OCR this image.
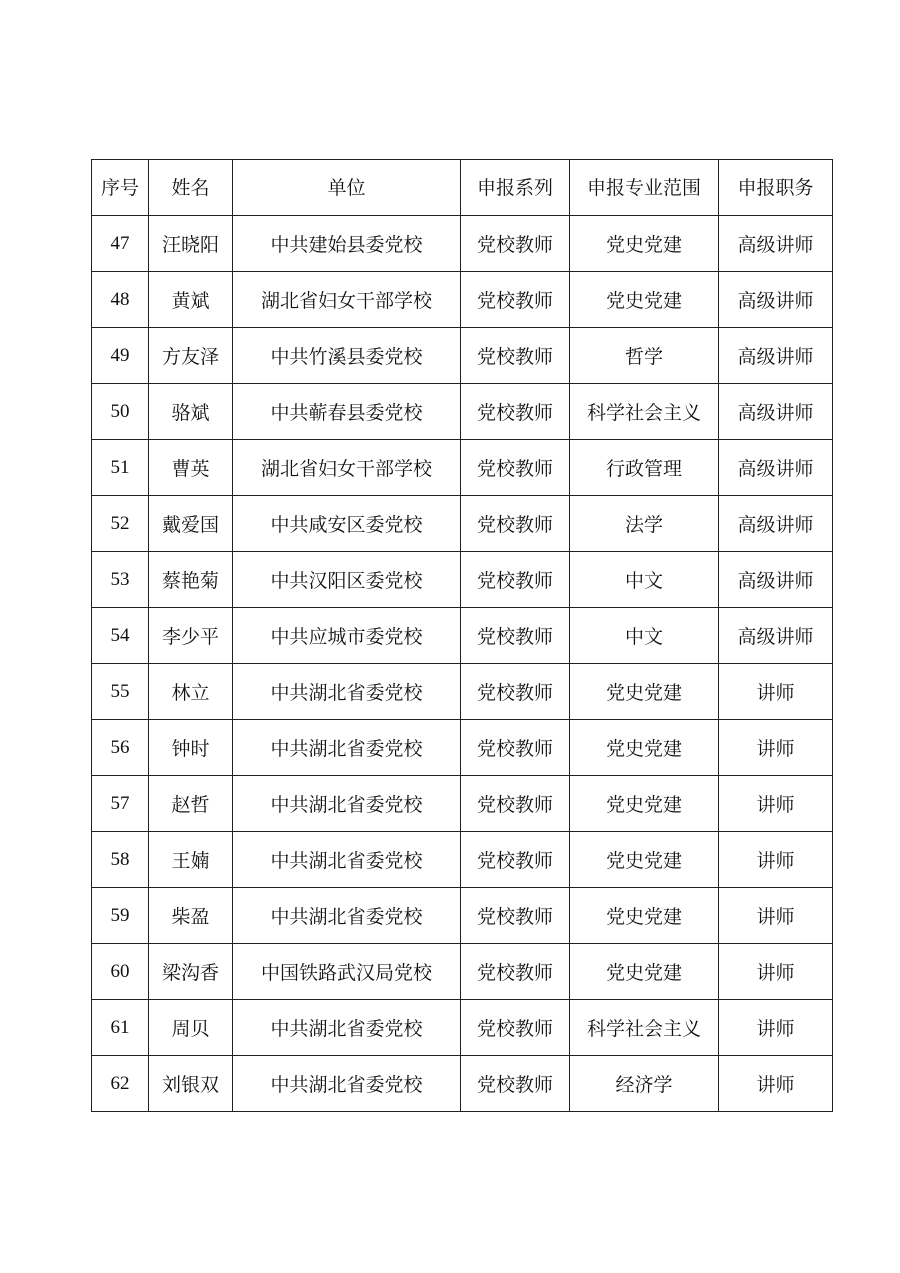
序号	姓名	单位	申报系列	申报专业范围	申报职务
47	汪晓阳	中共建始县委党校	党校教师	党史党建	高级讲师
48	黄斌	湖北省妇女干部学校	党校教师	党史党建	高级讲师
49	方友泽	中共竹溪县委党校	党校教师	哲学	高级讲师
50	骆斌	中共蕲春县委党校	党校教师	科学社会主义	高级讲师
51	曹英	湖北省妇女干部学校	党校教师	行政管理	高级讲师
52	戴爱国	中共咸安区委党校	党校教师	法学	高级讲师
53	蔡艳菊	中共汉阳区委党校	党校教师	中文	高级讲师
54	李少平	中共应城市委党校	党校教师	中文	高级讲师
55	林立	中共湖北省委党校	党校教师	党史党建	讲师
56	钟时	中共湖北省委党校	党校教师	党史党建	讲师
57	赵哲	中共湖北省委党校	党校教师	党史党建	讲师
58	王婻	中共湖北省委党校	党校教师	党史党建	讲师
59	柴盈	中共湖北省委党校	党校教师	党史党建	讲师
60	梁沟香	中国铁路武汉局党校	党校教师	党史党建	讲师
61	周贝	中共湖北省委党校	党校教师	科学社会主义	讲师
62	刘银双	中共湖北省委党校	党校教师	经济学	讲师
